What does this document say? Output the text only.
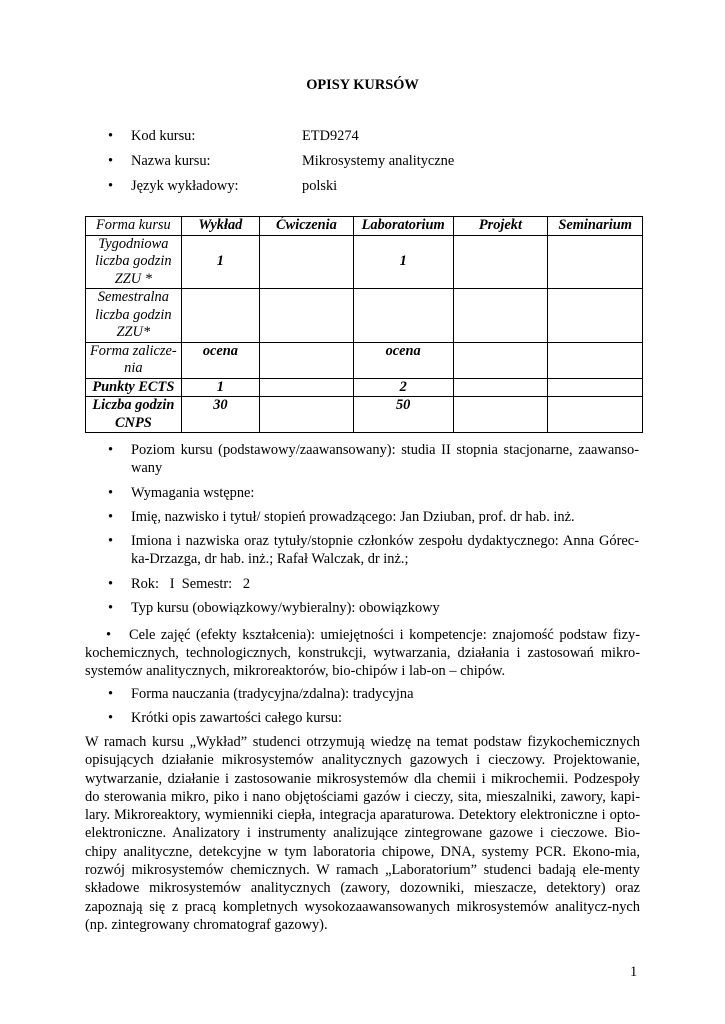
OPISY KURSÓW
• Kod kursu:	ETD9274
• Nazwa kursu:	Mikrosystemy analityczne
• Język wykładowy:	polski
Forma kursu	Wykład	Ćwiczenia	Laboratorium	Projekt	Seminarium
Tygodniowa liczba godzin ZZU *	1		1		
Semestralna liczba godzin ZZU*					
Forma zalicze-nia	ocena		ocena		
Punkty ECTS	1		2		
Liczba godzin CNPS	30		50		
• Poziom kursu (podstawowy/zaawansowany): studia II stopnia stacjonarne, zaawanso-wany
• Wymagania wstępne:
• Imię, nazwisko i tytuł/ stopień prowadzącego: Jan Dziuban, prof. dr hab. inż.
• Imiona i nazwiska oraz tytuły/stopnie członków zespołu dydaktycznego: Anna Górec-ka-Drzazga, dr hab. inż.; Rafał Walczak, dr inż.;
• Rok:   I  Semestr:   2
• Typ kursu (obowiązkowy/wybieralny): obowiązkowy
• Cele zajęć (efekty kształcenia): umiejętności i kompetencje: znajomość podstaw fizy-kochemicznych, technologicznych, konstrukcji, wytwarzania, działania i zastosowań mikro-systemów analitycznych, mikroreaktorów, bio-chipów i lab-on – chipów.
• Forma nauczania (tradycyjna/zdalna): tradycyjna
• Krótki opis zawartości całego kursu:
W ramach kursu „Wykład” studenci otrzymują wiedzę na temat podstaw fizykochemicznych opisujących działanie mikrosystemów analitycznych gazowych i cieczowy. Projektowanie, wytwarzanie, działanie i zastosowanie mikrosystemów dla chemii i mikrochemii. Podzespoły do sterowania mikro, piko i nano objętościami gazów i cieczy, sita, mieszalniki, zawory, kapi-lary. Mikroreaktory, wymienniki ciepła, integracja aparaturowa. Detektory elektroniczne i opto-elektroniczne. Analizatory i instrumenty analizujące zintegrowane gazowe i cieczowe. Bio-chipy analityczne, detekcyjne w tym laboratoria chipowe, DNA, systemy PCR. Ekono-mia, rozwój mikrosystemów chemicznych. W ramach „Laboratorium” studenci badają ele-menty składowe mikrosystemów analitycznych (zawory, dozowniki, mieszacze, detektory) oraz zapoznają się z pracą kompletnych wysokozaawansowanych mikrosystemów analitycz-nych (np. zintegrowany chromatograf gazowy).
1
